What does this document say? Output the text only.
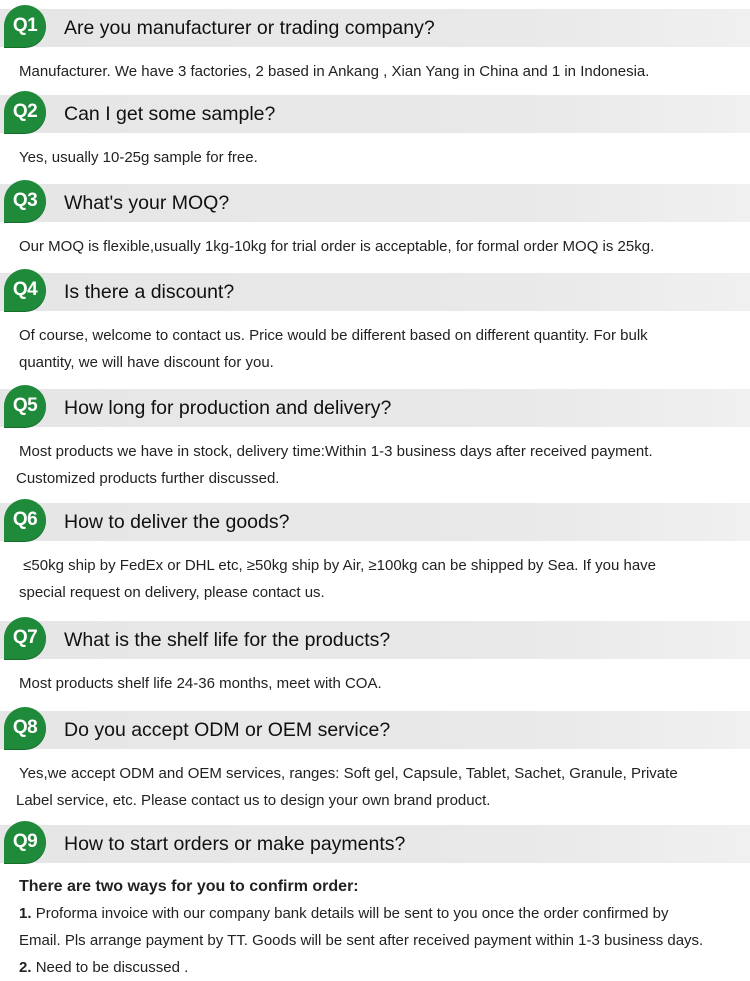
Q1	Are you manufacturer or trading company?

Manufacturer. We have 3 factories, 2 based in Ankang , Xian Yang in China and 1 in Indonesia.

Q2	Can I get some sample?

Yes, usually 10-25g sample for free.

Q3	What's your MOQ?

Our MOQ is flexible,usually 1kg-10kg for trial order is acceptable, for formal order MOQ is 25kg.

Q4	Is there a discount?

Of course, welcome to contact us. Price would be different based on different quantity. For bulk

quantity, we will have discount for you.

Q5	How long for production and delivery?

Most products we have in stock, delivery time:Within 1-3 business days after received payment.

Customized products further discussed.

Q6	How to deliver the goods?

≤50kg ship by FedEx or DHL etc, ≥50kg ship by Air, ≥100kg can be shipped by Sea. If you have

special request on delivery, please contact us.

Q7	What is the shelf life for the products?

Most products shelf life 24-36 months, meet with COA.

Q8	Do you accept ODM or OEM service?

Yes,we accept ODM and OEM services, ranges: Soft gel, Capsule, Tablet, Sachet, Granule, Private

Label service, etc. Please contact us to design your own brand product.

Q9	How to start orders or make payments?

There are two ways for you to confirm order:

1. Proforma invoice with our company bank details will be sent to you once the order confirmed by

Email. Pls arrange payment by TT. Goods will be sent after received payment within 1-3 business days.

2. Need to be discussed .
